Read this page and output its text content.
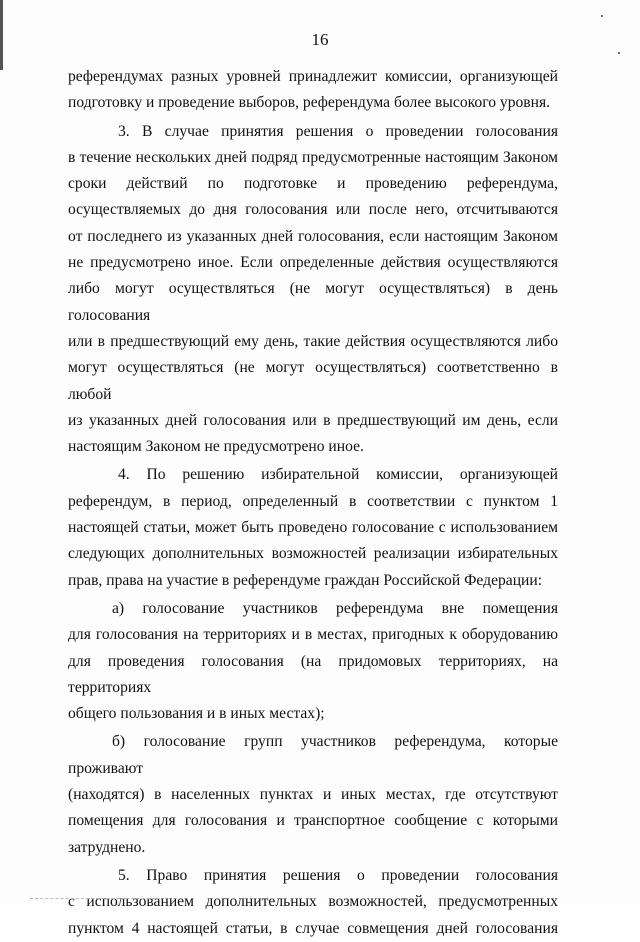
16

референдумах разных уровней принадлежит комиссии, организующей

подготовку и проведение выборов, референдума более высокого уровня.

3. В случае принятия решения о проведении голосования

в течение нескольких дней подряд предусмотренные настоящим Законом

сроки действий по подготовке и проведению референдума,

осуществляемых до дня голосования или после него, отсчитываются

от последнего из указанных дней голосования, если настоящим Законом

не предусмотрено иное. Если определенные действия осуществляются

либо могут осуществляться (не могут осуществляться) в день голосования

или в предшествующий ему день, такие действия осуществляются либо

могут осуществляться (не могут осуществляться) соответственно в любой

из указанных дней голосования или в предшествующий им день, если

настоящим Законом не предусмотрено иное.

4. По решению избирательной комиссии, организующей

референдум, в период, определенный в соответствии с пунктом 1

настоящей статьи, может быть проведено голосование с использованием

следующих дополнительных возможностей реализации избирательных

прав, права на участие в референдуме граждан Российской Федерации:

а) голосование участников референдума вне помещения

для голосования на территориях и в местах, пригодных к оборудованию

для проведения голосования (на придомовых территориях, на территориях

общего пользования и в иных местах);

б) голосование групп участников референдума, которые проживают

(находятся) в населенных пунктах и иных местах, где отсутствуют

помещения для голосования и транспортное сообщение с которыми

затруднено.

5. Право принятия решения о проведении голосования

с использованием дополнительных возможностей, предусмотренных

пунктом 4 настоящей статьи, в случае совмещения дней голосования
